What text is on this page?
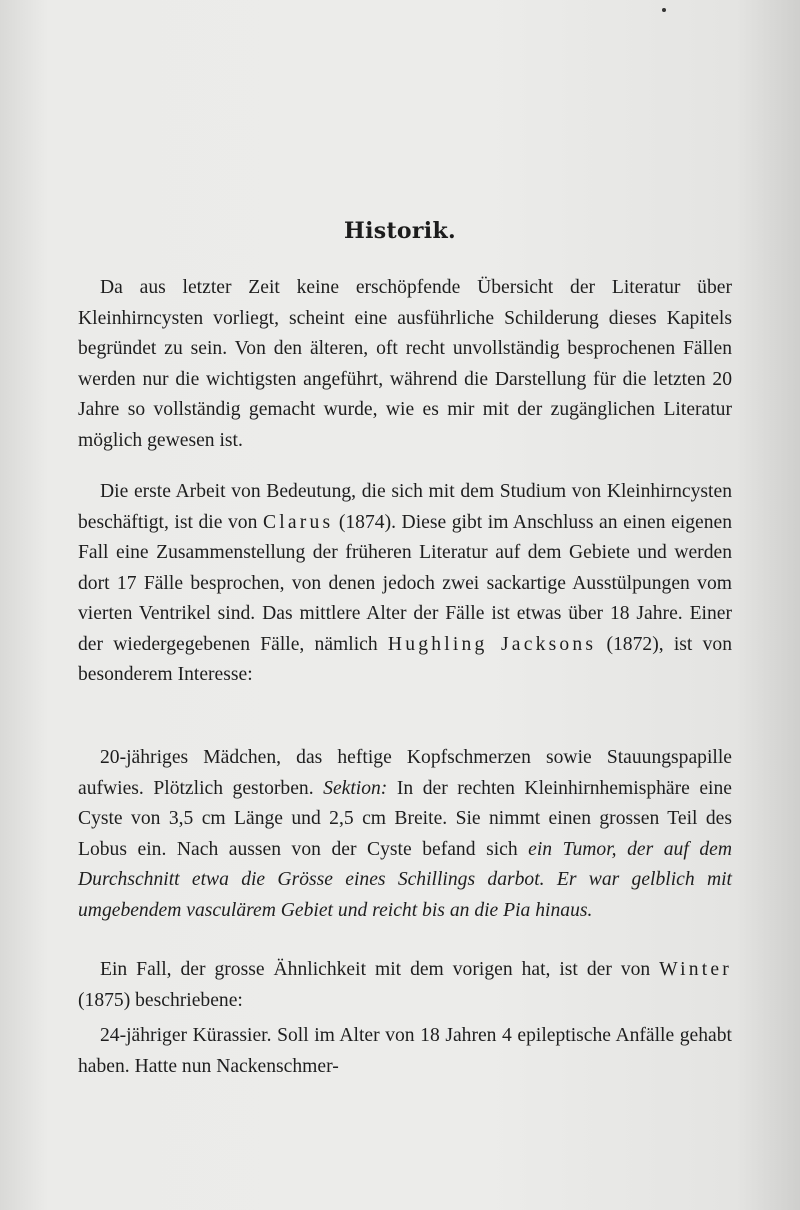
Historik.

Da aus letzter Zeit keine erschöpfende Übersicht der Literatur über Kleinhirncysten vorliegt, scheint eine ausführliche Schilderung dieses Kapitels begründet zu sein. Von den älteren, oft recht unvollständig besprochenen Fällen werden nur die wichtigsten angeführt, während die Darstellung für die letzten 20 Jahre so vollständig gemacht wurde, wie es mir mit der zugänglichen Literatur möglich gewesen ist.

Die erste Arbeit von Bedeutung, die sich mit dem Studium von Kleinhirncysten beschäftigt, ist die von Clarus (1874). Diese gibt im Anschluss an einen eigenen Fall eine Zusammenstellung der früheren Literatur auf dem Gebiete und werden dort 17 Fälle besprochen, von denen jedoch zwei sackartige Ausstülpungen vom vierten Ventrikel sind. Das mittlere Alter der Fälle ist etwas über 18 Jahre. Einer der wiedergegebenen Fälle, nämlich Hughling Jacksons (1872), ist von besonderem Interesse:

20-jähriges Mädchen, das heftige Kopfschmerzen sowie Stauungspapille aufwies. Plötzlich gestorben. Sektion: In der rechten Kleinhirnhemisphäre eine Cyste von 3,5 cm Länge und 2,5 cm Breite. Sie nimmt einen grossen Teil des Lobus ein. Nach aussen von der Cyste befand sich ein Tumor, der auf dem Durchschnitt etwa die Grösse eines Schillings darbot. Er war gelblich mit umgebendem vasculärem Gebiet und reicht bis an die Pia hinaus.

Ein Fall, der grosse Ähnlichkeit mit dem vorigen hat, ist der von Winter (1875) beschriebene:

24-jähriger Kürassier. Soll im Alter von 18 Jahren 4 epileptische Anfälle gehabt haben. Hatte nun Nackenschmer-
